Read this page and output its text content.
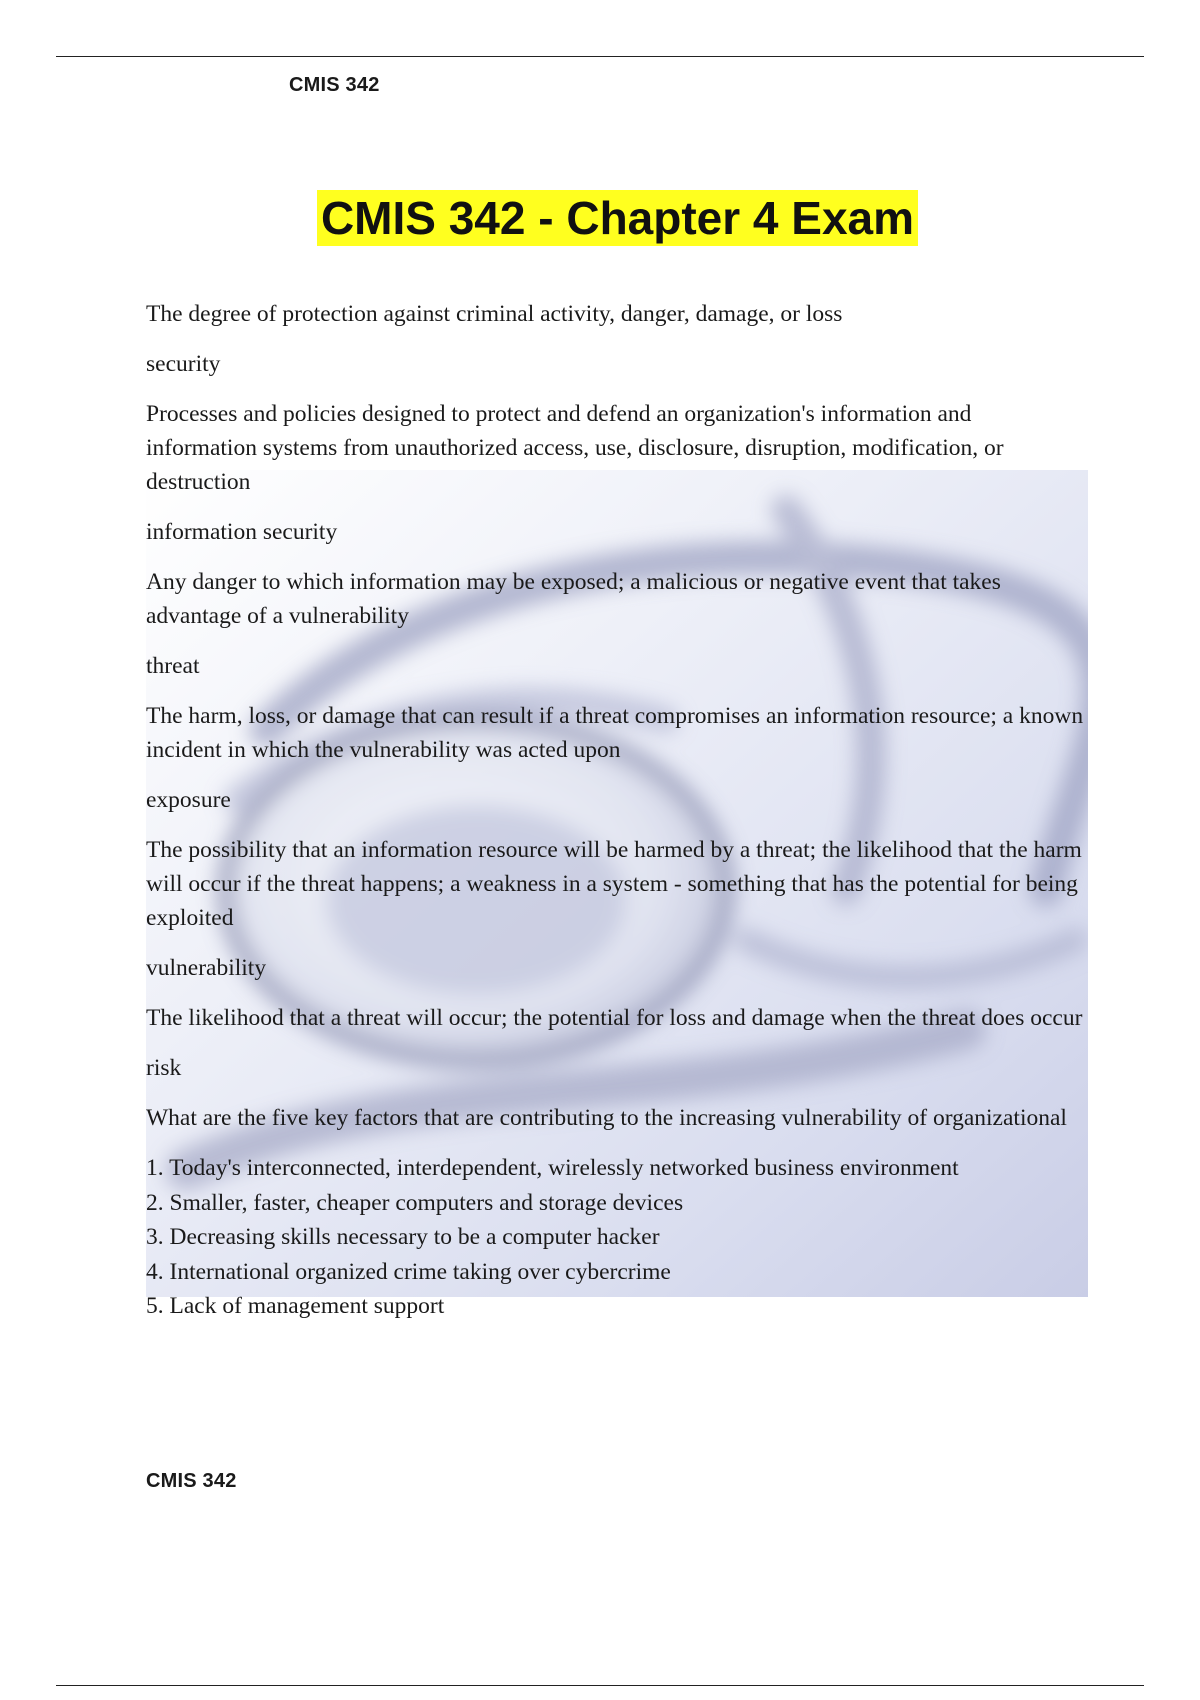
CMIS 342
CMIS 342 - Chapter 4 Exam

The degree of protection against criminal activity, danger, damage, or loss

security

Processes and policies designed to protect and defend an organization's information and information systems from unauthorized access, use, disclosure, disruption, modification, or destruction

information security

Any danger to which information may be exposed; a malicious or negative event that takes advantage of a vulnerability

threat

The harm, loss, or damage that can result if a threat compromises an information resource; a known incident in which the vulnerability was acted upon

exposure

The possibility that an information resource will be harmed by a threat; the likelihood that the harm will occur if the threat happens; a weakness in a system - something that has the potential for being exploited

vulnerability

The likelihood that a threat will occur; the potential for loss and damage when the threat does occur

risk

What are the five key factors that are contributing to the increasing vulnerability of organizational

1. Today's interconnected, interdependent, wirelessly networked business environment
2. Smaller, faster, cheaper computers and storage devices
3. Decreasing skills necessary to be a computer hacker
4. International organized crime taking over cybercrime
5. Lack of management support
CMIS 342
